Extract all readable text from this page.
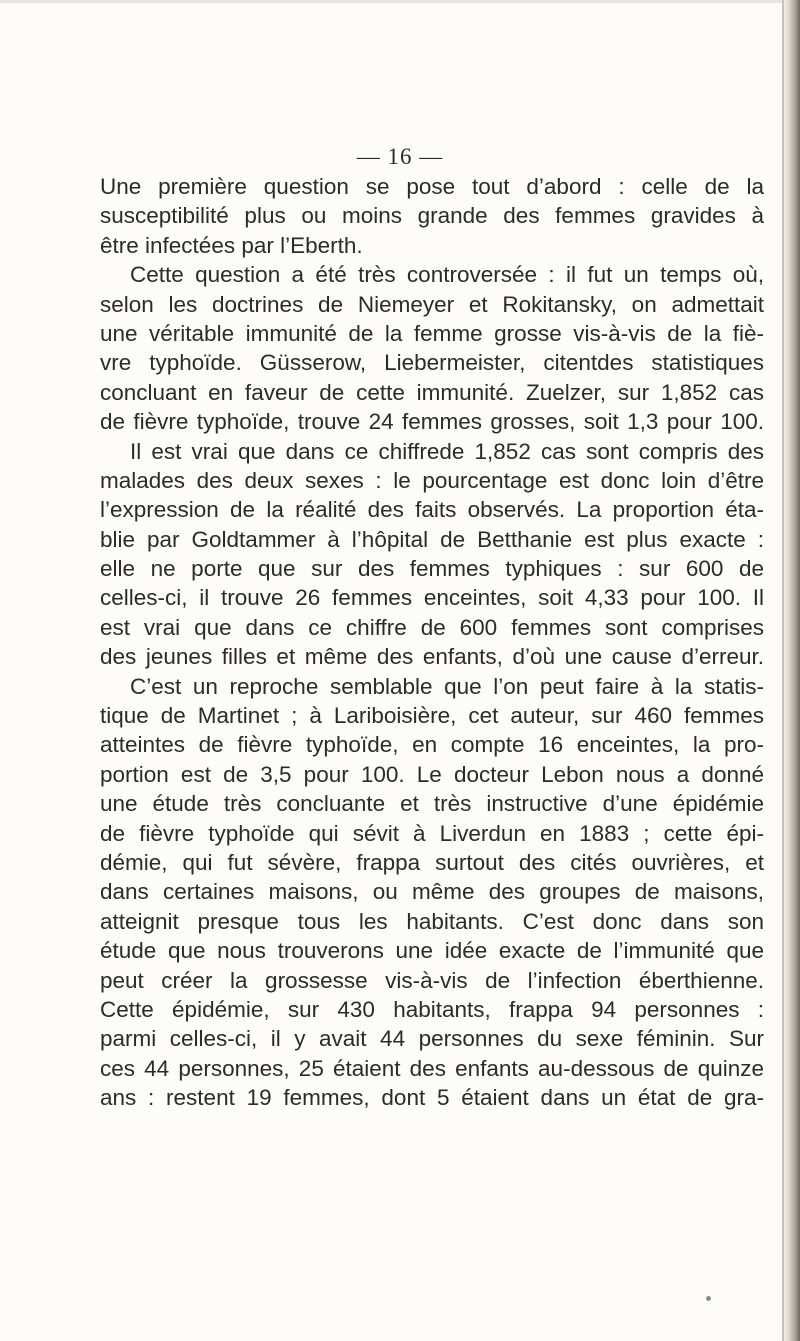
— 16 —
Une première question se pose tout d’abord : celle de la
susceptibilité plus ou moins grande des femmes gravides à
être infectées par l’Eberth.
Cette question a été très controversée : il fut un temps où,
selon les doctrines de Niemeyer et Rokitansky, on admettait
une véritable immunité de la femme grosse vis-à-vis de la fiè-
vre typhoïde. Güsserow, Liebermeister, citentdes statistiques
concluant en faveur de cette immunité. Zuelzer, sur 1,852 cas
de fièvre typhoïde, trouve 24 femmes grosses, soit 1,3 pour 100.
Il est vrai que dans ce chiffrede 1,852 cas sont compris des
malades des deux sexes : le pourcentage est donc loin d’être
l’expression de la réalité des faits observés. La proportion éta-
blie par Goldtammer à l’hôpital de Betthanie est plus exacte :
elle ne porte que sur des femmes typhiques : sur 600 de
celles-ci, il trouve 26 femmes enceintes, soit 4,33 pour 100. Il
est vrai que dans ce chiffre de 600 femmes sont comprises
des jeunes filles et même des enfants, d’où une cause d’erreur.
C’est un reproche semblable que l’on peut faire à la statis-
tique de Martinet ; à Lariboisière, cet auteur, sur 460 femmes
atteintes de fièvre typhoïde, en compte 16 enceintes, la pro-
portion est de 3,5 pour 100. Le docteur Lebon nous a donné
une étude très concluante et très instructive d’une épidémie
de fièvre typhoïde qui sévit à Liverdun en 1883 ; cette épi-
démie, qui fut sévère, frappa surtout des cités ouvrières, et
dans certaines maisons, ou même des groupes de maisons,
atteignit presque tous les habitants. C’est donc dans son
étude que nous trouverons une idée exacte de l’immunité que
peut créer la grossesse vis-à-vis de l’infection éberthienne.
Cette épidémie, sur 430 habitants, frappa 94 personnes :
parmi celles-ci, il y avait 44 personnes du sexe féminin. Sur
ces 44 personnes, 25 étaient des enfants au-dessous de quinze
ans : restent 19 femmes, dont 5 étaient dans un état de gra-
